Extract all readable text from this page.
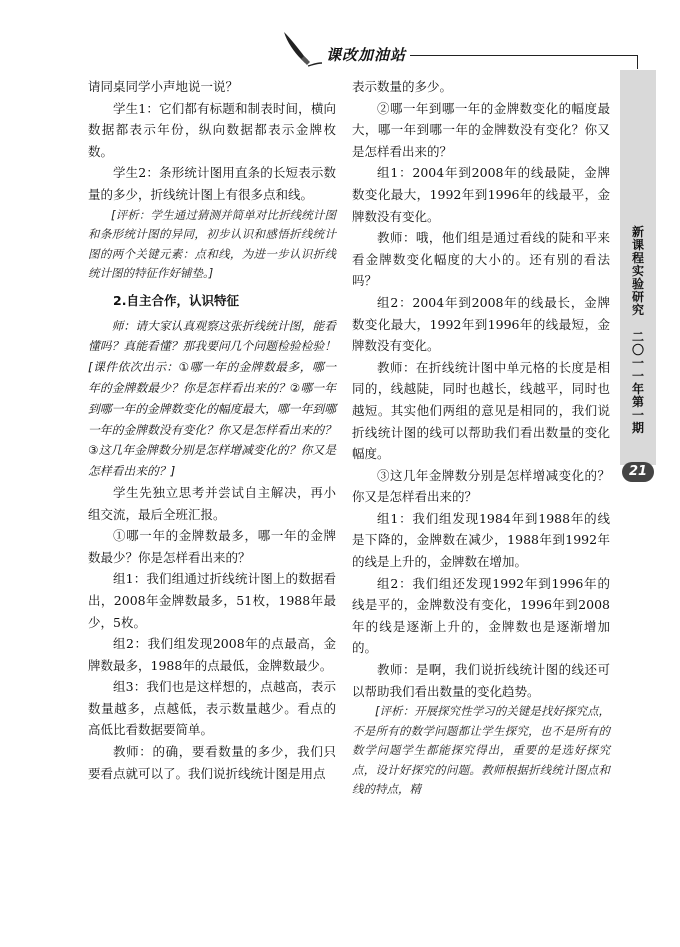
课改加油站
新
课
程
实
验
研
究
二
〇
一
一
年
第
一
期
21

请同桌同学小声地说一说？

学生1：它们都有标题和制表时间，横向数据都表示年份，纵向数据都表示金牌枚数。

学生2：条形统计图用直条的长短表示数量的多少，折线统计图上有很多点和线。

[评析：学生通过猜测并简单对比折线统计图和条形统计图的异同，初步认识和感悟折线统计图的两个关键元素：点和线，为进一步认识折线统计图的特征作好铺垫。]

2.自主合作，认识特征

师：请大家认真观察这张折线统计图，能看懂吗？真能看懂？那我要问几个问题检验检验！[课件依次出示：①哪一年的金牌数最多，哪一年的金牌数最少？你是怎样看出来的？②哪一年到哪一年的金牌数变化的幅度最大，哪一年到哪一年的金牌数没有变化？你又是怎样看出来的？③这几年金牌数分别是怎样增减变化的？你又是怎样看出来的？]

学生先独立思考并尝试自主解决，再小组交流，最后全班汇报。

①哪一年的金牌数最多，哪一年的金牌数最少？你是怎样看出来的？

组1：我们组通过折线统计图上的数据看出，2008年金牌数最多，51枚，1988年最少，5枚。

组2：我们组发现2008年的点最高，金牌数最多，1988年的点最低，金牌数最少。

组3：我们也是这样想的，点越高，表示数量越多，点越低，表示数量越少。看点的高低比看数据要简单。

教师：的确，要看数量的多少，我们只要看点就可以了。我们说折线统计图是用点

表示数量的多少。

②哪一年到哪一年的金牌数变化的幅度最大，哪一年到哪一年的金牌数没有变化？你又是怎样看出来的？

组1：2004年到2008年的线最陡，金牌数变化最大，1992年到1996年的线最平，金牌数没有变化。

教师：哦，他们组是通过看线的陡和平来看金牌数变化幅度的大小的。还有别的看法吗？

组2：2004年到2008年的线最长，金牌数变化最大，1992年到1996年的线最短，金牌数没有变化。

教师：在折线统计图中单元格的长度是相同的，线越陡，同时也越长，线越平，同时也越短。其实他们两组的意见是相同的，我们说折线统计图的线可以帮助我们看出数量的变化幅度。

③这几年金牌数分别是怎样增减变化的？你又是怎样看出来的？

组1：我们组发现1984年到1988年的线是下降的，金牌数在减少，1988年到1992年的线是上升的，金牌数在增加。

组2：我们组还发现1992年到1996年的线是平的，金牌数没有变化，1996年到2008年的线是逐渐上升的，金牌数也是逐渐增加的。

教师：是啊，我们说折线统计图的线还可以帮助我们看出数量的变化趋势。

[评析：开展探究性学习的关键是找好探究点，不是所有的数学问题都让学生探究，也不是所有的数学问题学生都能探究得出，重要的是选好探究点，设计好探究的问题。教师根据折线统计图点和线的特点，精
